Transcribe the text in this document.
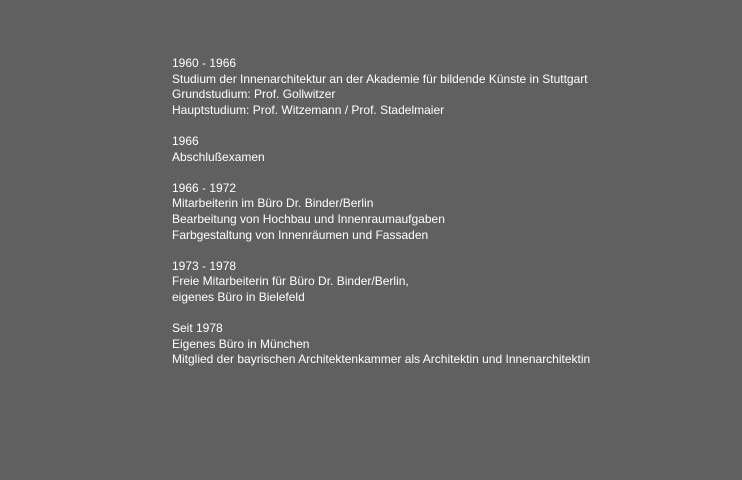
1960 - 1966

Studium der Innenarchitektur an der Akademie für bildende Künste in Stuttgart

Grundstudium: Prof. Gollwitzer

Hauptstudium: Prof. Witzemann / Prof. Stadelmaier

1966

Abschlußexamen

1966 - 1972

Mitarbeiterin im Büro Dr. Binder/Berlin

Bearbeitung von Hochbau und Innenraumaufgaben

Farbgestaltung von Innenräumen und Fassaden

1973 - 1978

Freie Mitarbeiterin für Büro Dr. Binder/Berlin,

eigenes Büro in Bielefeld

Seit 1978

Eigenes Büro in München

Mitglied der bayrischen Architektenkammer als Architektin und Innenarchitektin
